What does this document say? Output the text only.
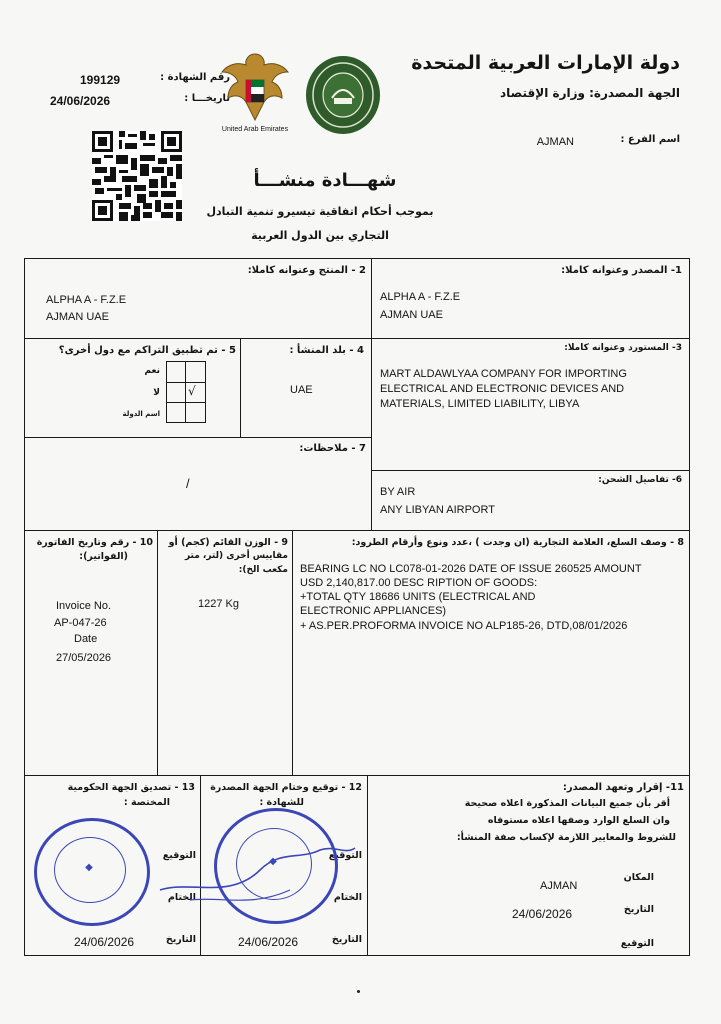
دولة الإمارات العربية المتحدة
الجهة المصدرة: وزارة الإقتصاد
اسم الفرع :
AJMAN
199129	رقم الشهادة :
24/06/2026	تاريخـــا :
United Arab Emirates
شهـــادة منشـــأ
بموجب أحكام اتفاقية تيسيرو تنمية التبادل
التجاري بين الدول العربية
1- المصدر وعنوانه كاملا:
ALPHA A - F.Z.E
AJMAN UAE
2 - المنتج وعنوانه كاملا:
ALPHA A - F.Z.E
AJMAN UAE
3- المستورد وعنوانه كاملا:
MART ALDAWLYAA COMPANY FOR IMPORTING
ELECTRICAL AND ELECTRONIC DEVICES AND
MATERIALS, LIMITED LIABILITY, LIBYA
4 - بلد المنشأ :
UAE
5 - تم تطبيق التراكم مع دول أخرى؟
نعم
لا
اسم الدولة
√
6- تفاصيل الشحن:
BY AIR
ANY LIBYAN AIRPORT
7 - ملاحظات:
/
8 - وصف السلع، العلامة التجارية (ان وجدت ) ،عدد ونوع وأرقام الطرود:
BEARING LC NO LC078-01-2026 DATE OF ISSUE 260525 AMOUNT
USD 2,140,817.00 DESC RIPTION OF GOODS:
+TOTAL QTY 18686 UNITS (ELECTRICAL AND
ELECTRONIC APPLIANCES)
+ AS.PER.PROFORMA INVOICE NO ALP185-26, DTD,08/01/2026
9 - الوزن القائم (كجم) أو
مقاييس أخرى (لتر، متر
مكعب الخ):
1227 Kg
10 - رقم وتاريخ الفاتورة
(الفواتير):
Invoice No.
AP-047-26
Date
27/05/2026
11- إقرار وتعهد المصدر:
أقر بأن جميع البيانات المذكورة اعلاه صحيحة
وان السلع الوارد وصفها اعلاه مستوفاه
للشروط والمعايير اللازمة لإكساب صفة المنشأ:
المكان
AJMAN
التاريخ
24/06/2026
التوقيع
12 - توقيع وختام الجهة المصدرة
للشهادة :
التوقيع
الختام
التاريخ
24/06/2026
13 - تصديق الجهة الحكومية
المختصة :
التوقيع
الختام
التاريخ
24/06/2026
◆
◆
